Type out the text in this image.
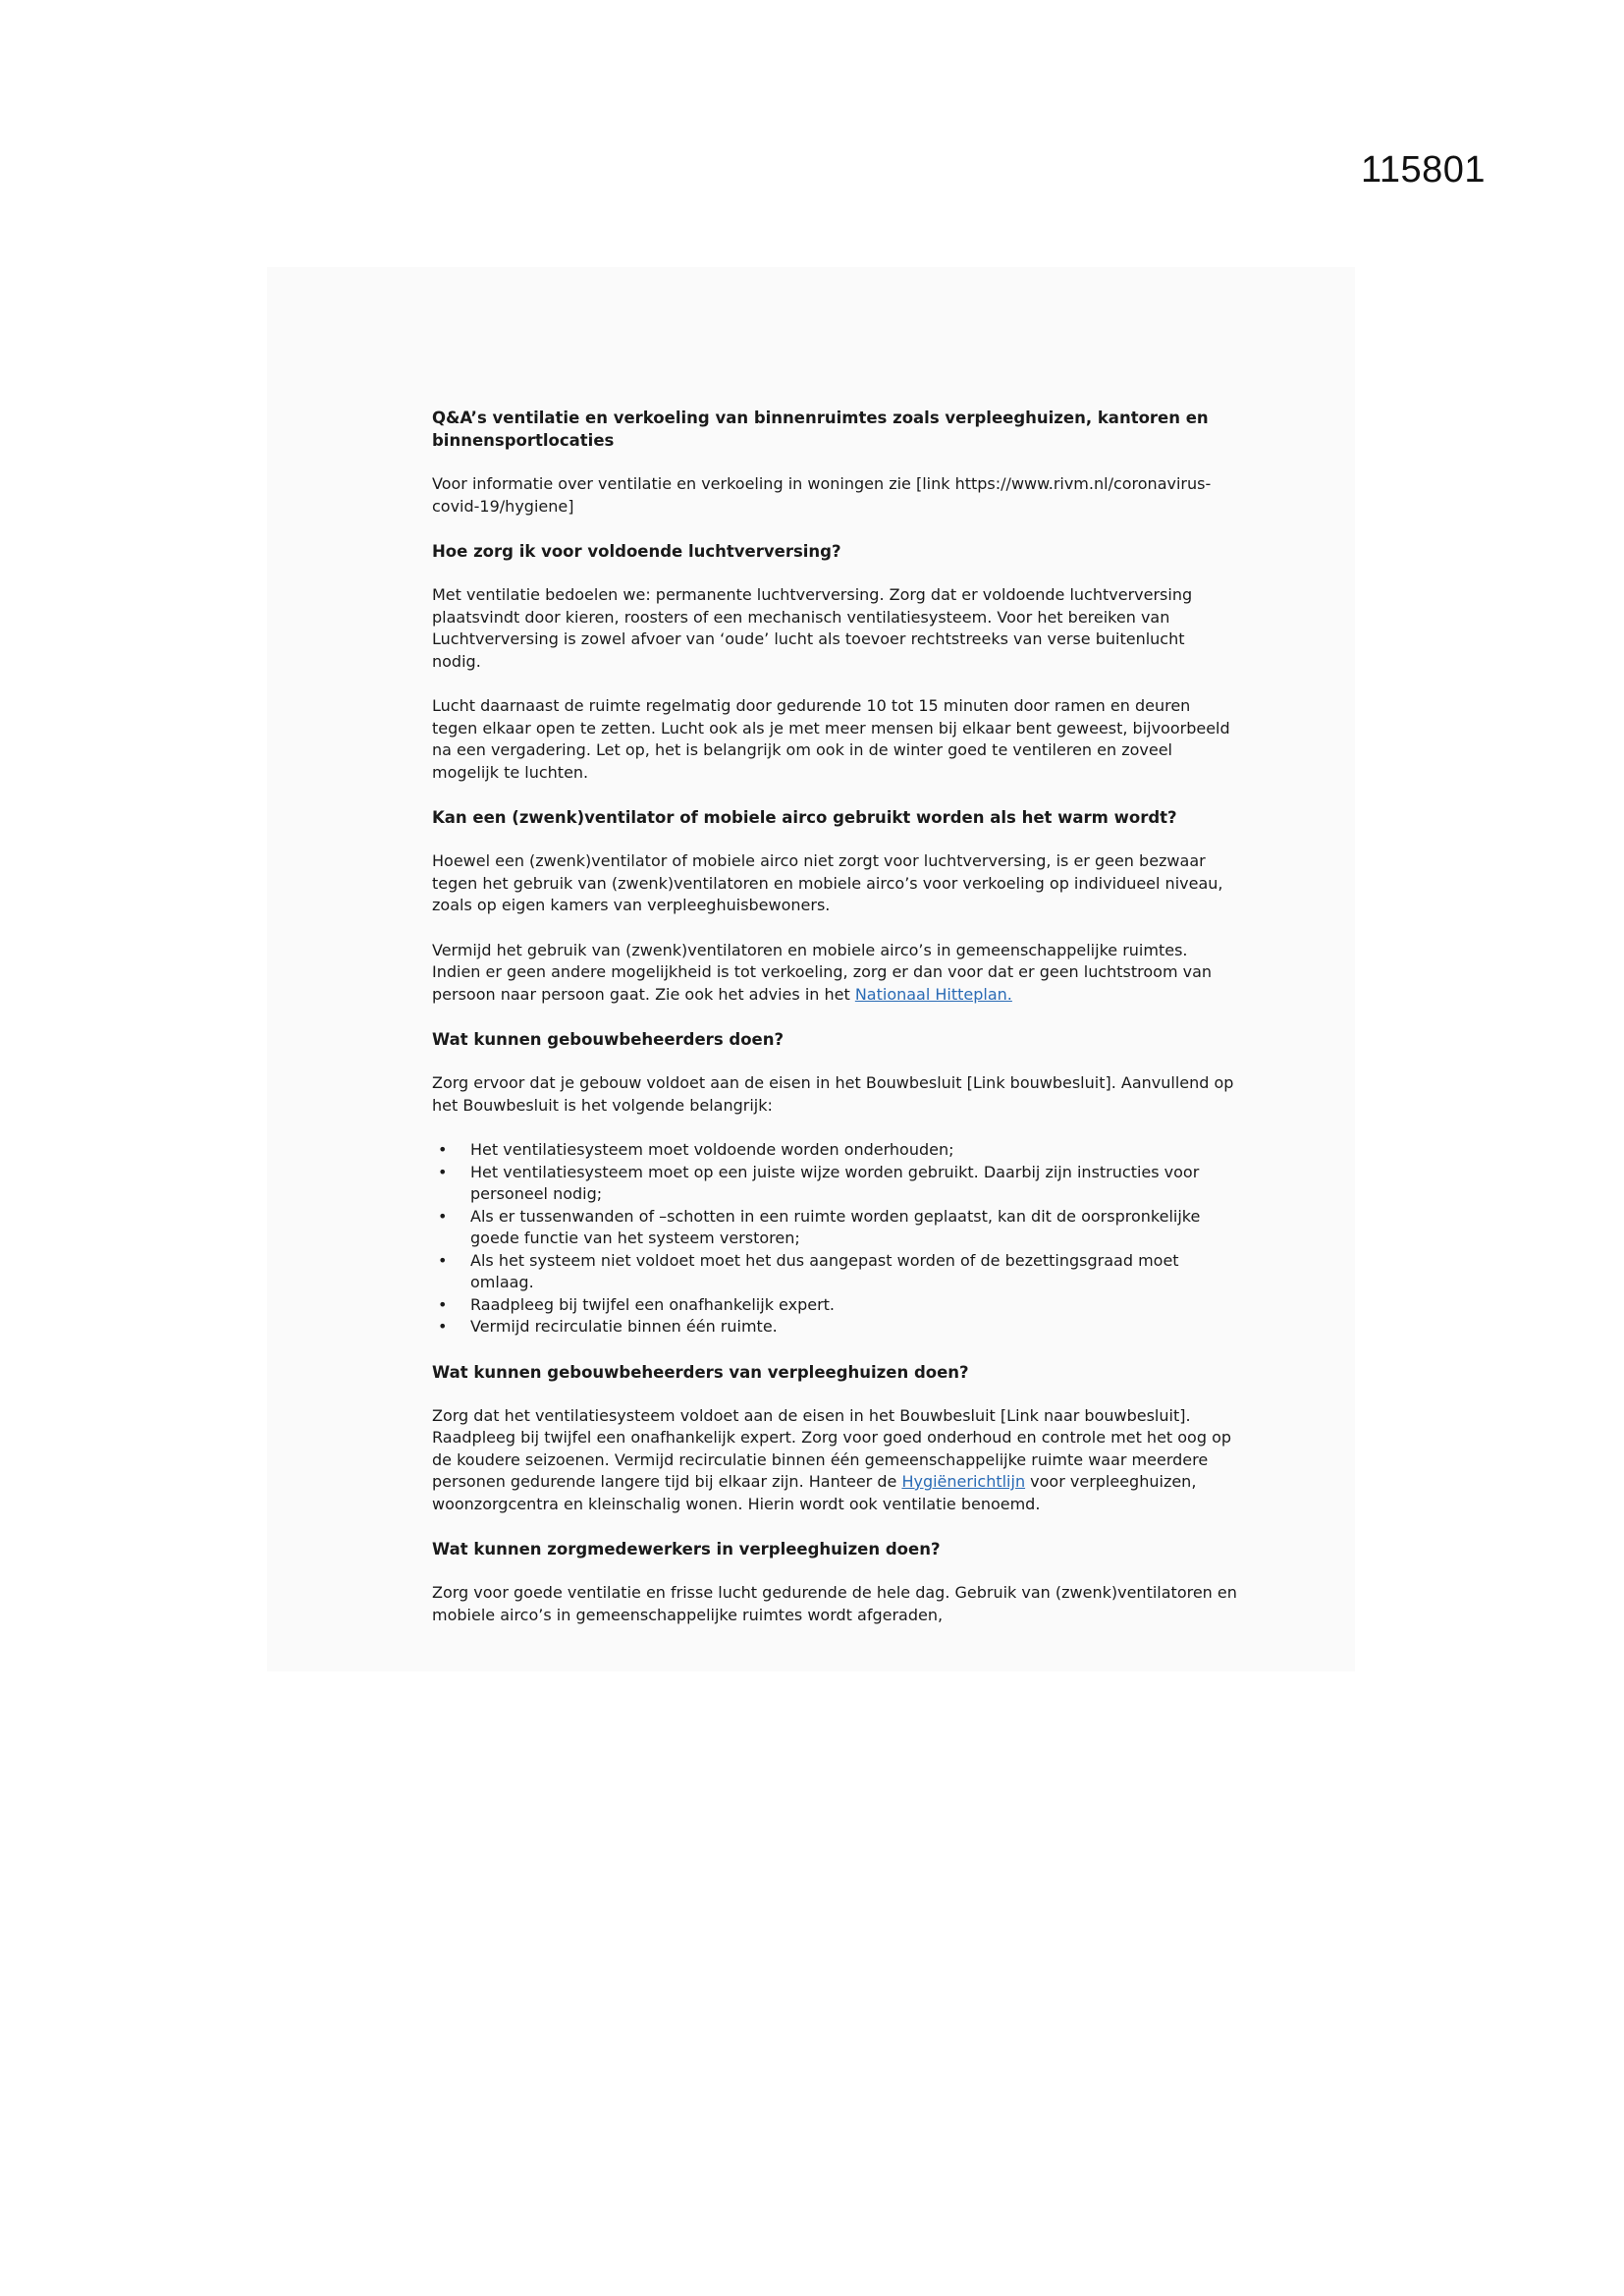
115801
Q&A’s ventilatie en verkoeling van binnenruimtes zoals verpleeghuizen, kantoren en binnensportlocaties

Voor informatie over ventilatie en verkoeling in woningen zie [link https://www.rivm.nl/coronavirus-covid-19/hygiene]

Hoe zorg ik voor voldoende luchtverversing?

Met ventilatie bedoelen we: permanente luchtverversing. Zorg dat er voldoende luchtverversing plaatsvindt door kieren, roosters of een mechanisch ventilatiesysteem. Voor het bereiken van Luchtverversing is zowel afvoer van ‘oude’ lucht als toevoer rechtstreeks van verse buitenlucht nodig.

Lucht daarnaast de ruimte regelmatig door gedurende 10 tot 15 minuten door ramen en deuren tegen elkaar open te zetten. Lucht ook als je met meer mensen bij elkaar bent geweest, bijvoorbeeld na een vergadering. Let op, het is belangrijk om ook in de winter goed te ventileren en zoveel mogelijk te luchten.

Kan een (zwenk)ventilator of mobiele airco gebruikt worden als het warm wordt?

Hoewel een (zwenk)ventilator of mobiele airco niet zorgt voor luchtverversing, is er geen bezwaar tegen het gebruik van (zwenk)ventilatoren en mobiele airco’s voor verkoeling op individueel niveau, zoals op eigen kamers van verpleeghuisbewoners.

Vermijd het gebruik van (zwenk)ventilatoren en mobiele airco’s in gemeenschappelijke ruimtes. Indien er geen andere mogelijkheid is tot verkoeling, zorg er dan voor dat er geen luchtstroom van persoon naar persoon gaat. Zie ook het advies in het Nationaal Hitteplan.

Wat kunnen gebouwbeheerders doen?

Zorg ervoor dat je gebouw voldoet aan de eisen in het Bouwbesluit [Link bouwbesluit]. Aanvullend op het Bouwbesluit is het volgende belangrijk:

• Het ventilatiesysteem moet voldoende worden onderhouden;
• Het ventilatiesysteem moet op een juiste wijze worden gebruikt. Daarbij zijn instructies voor personeel nodig;
• Als er tussenwanden of –schotten in een ruimte worden geplaatst, kan dit de oorspronkelijke goede functie van het systeem verstoren;
• Als het systeem niet voldoet moet het dus aangepast worden of de bezettingsgraad moet omlaag.
• Raadpleeg bij twijfel een onafhankelijk expert.
• Vermijd recirculatie binnen één ruimte.
Wat kunnen gebouwbeheerders van verpleeghuizen doen?

Zorg dat het ventilatiesysteem voldoet aan de eisen in het Bouwbesluit [Link naar bouwbesluit]. Raadpleeg bij twijfel een onafhankelijk expert. Zorg voor goed onderhoud en controle met het oog op de koudere seizoenen. Vermijd recirculatie binnen één gemeenschappelijke ruimte waar meerdere personen gedurende langere tijd bij elkaar zijn. Hanteer de Hygiënerichtlijn voor verpleeghuizen, woonzorgcentra en kleinschalig wonen. Hierin wordt ook ventilatie benoemd.

Wat kunnen zorgmedewerkers in verpleeghuizen doen?

Zorg voor goede ventilatie en frisse lucht gedurende de hele dag. Gebruik van (zwenk)ventilatoren en mobiele airco’s in gemeenschappelijke ruimtes wordt afgeraden,
